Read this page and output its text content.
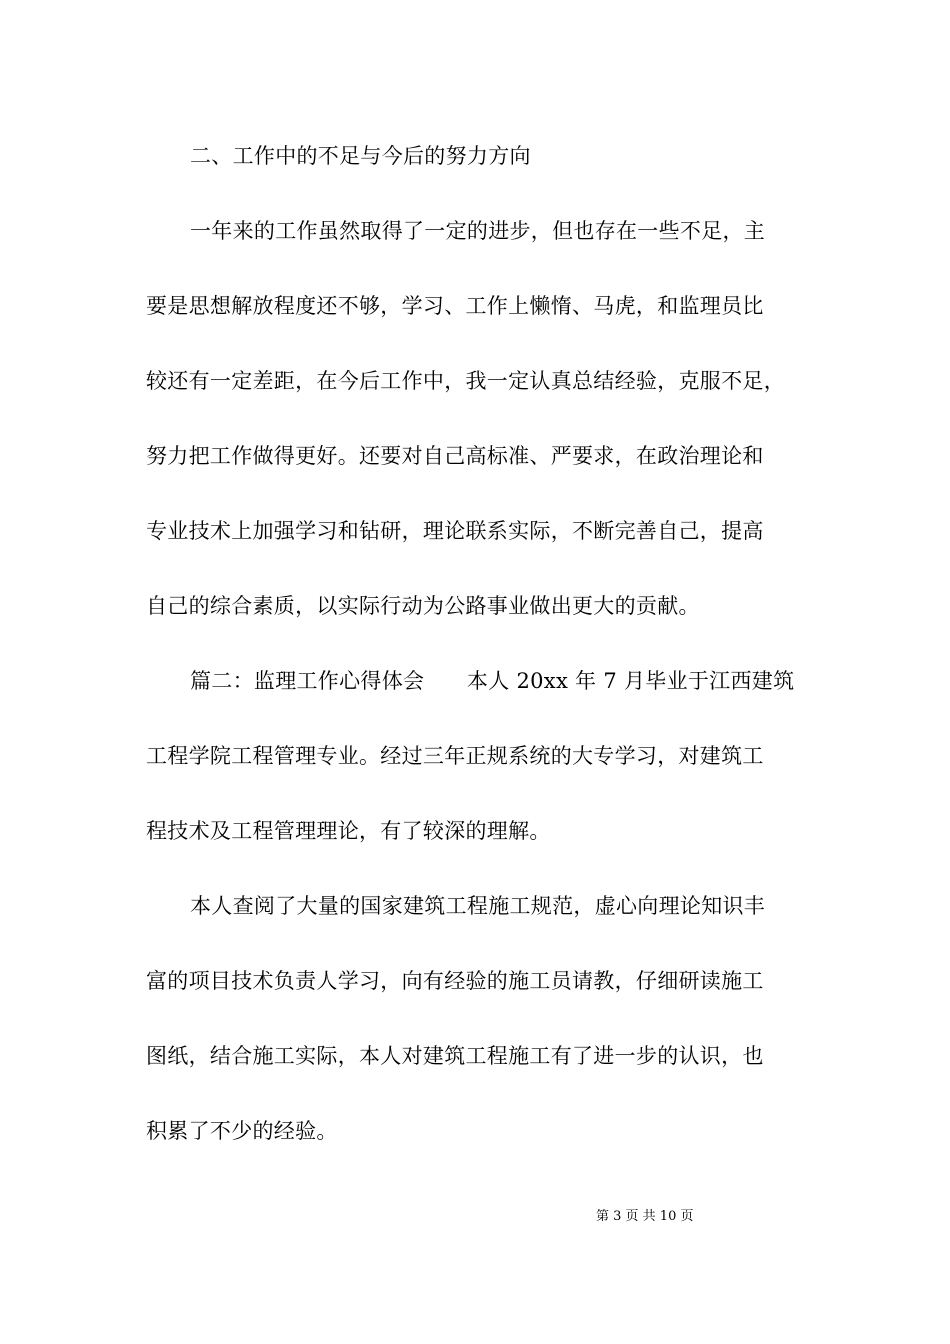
二、工作中的不足与今后的努力方向
一年来的工作虽然取得了一定的进步，但也存在一些不足，主
要是思想解放程度还不够，学习、工作上懒惰、马虎，和监理员比
较还有一定差距，在今后工作中，我一定认真总结经验，克服不足，
努力把工作做得更好。还要对自己高标准、严要求，在政治理论和
专业技术上加强学习和钻研，理论联系实际，不断完善自己，提高
自己的综合素质，以实际行动为公路事业做出更大的贡献。
篇二：监理工作心得体会　　本人 20xx 年 7 月毕业于江西建筑
工程学院工程管理专业。经过三年正规系统的大专学习，对建筑工
程技术及工程管理理论，有了较深的理解。
本人查阅了大量的国家建筑工程施工规范，虚心向理论知识丰
富的项目技术负责人学习，向有经验的施工员请教，仔细研读施工
图纸，结合施工实际，本人对建筑工程施工有了进一步的认识，也
积累了不少的经验。
第 3 页 共 10 页
